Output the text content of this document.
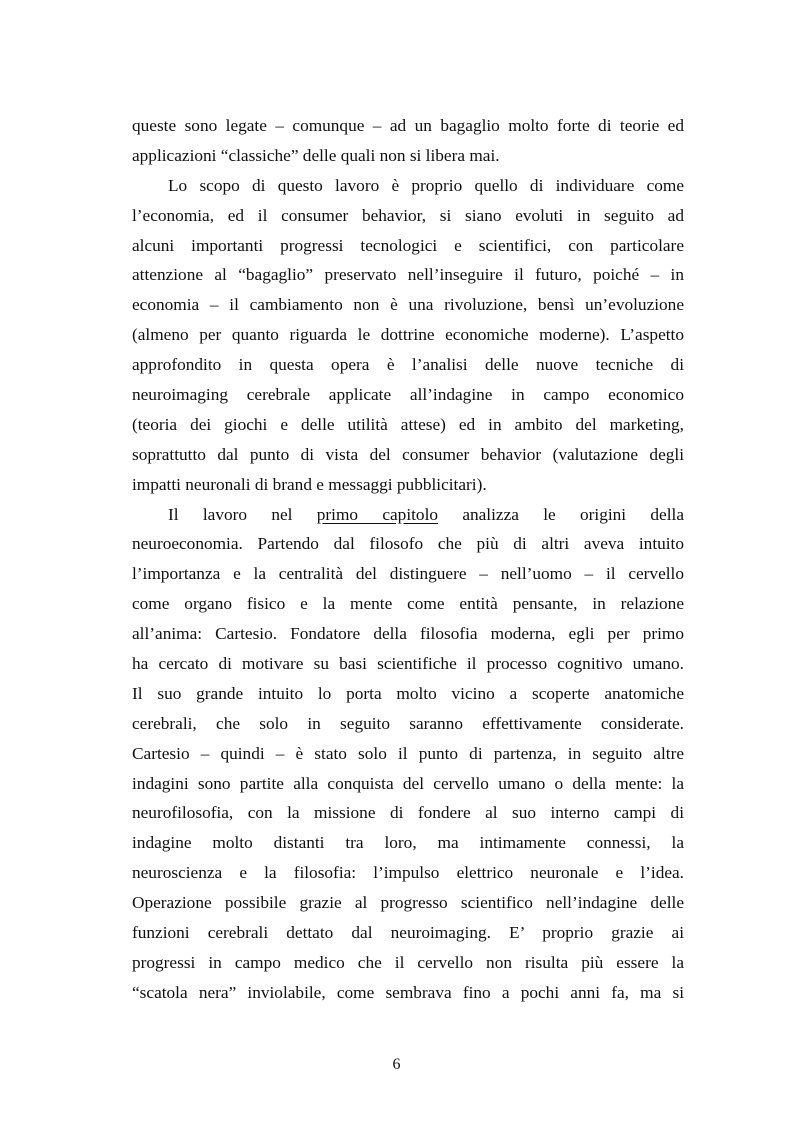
queste sono legate – comunque – ad un bagaglio molto forte di teorie ed
applicazioni “classiche” delle quali non si libera mai.
Lo scopo di questo lavoro è proprio quello di individuare come
l’economia, ed il consumer behavior, si siano evoluti in seguito ad
alcuni importanti progressi tecnologici e scientifici, con particolare
attenzione al “bagaglio” preservato nell’inseguire il futuro, poiché – in
economia – il cambiamento non è una rivoluzione, bensì un’evoluzione
(almeno per quanto riguarda le dottrine economiche moderne). L’aspetto
approfondito in questa opera è l’analisi delle nuove tecniche di
neuroimaging cerebrale applicate all’indagine in campo economico
(teoria dei giochi e delle utilità attese) ed in ambito del marketing,
soprattutto dal punto di vista del consumer behavior (valutazione degli
impatti neuronali di brand e messaggi pubblicitari).
Il lavoro nel primo capitolo analizza le origini della
neuroeconomia. Partendo dal filosofo che più di altri aveva intuito
l’importanza e la centralità del distinguere – nell’uomo – il cervello
come organo fisico e la mente come entità pensante, in relazione
all’anima: Cartesio. Fondatore della filosofia moderna, egli per primo
ha cercato di motivare su basi scientifiche il processo cognitivo umano.
Il suo grande intuito lo porta molto vicino a scoperte anatomiche
cerebrali, che solo in seguito saranno effettivamente considerate.
Cartesio – quindi – è stato solo il punto di partenza, in seguito altre
indagini sono partite alla conquista del cervello umano o della mente: la
neurofilosofia, con la missione di fondere al suo interno campi di
indagine molto distanti tra loro, ma intimamente connessi, la
neuroscienza e la filosofia: l’impulso elettrico neuronale e l’idea.
Operazione possibile grazie al progresso scientifico nell’indagine delle
funzioni cerebrali dettato dal neuroimaging. E’ proprio grazie ai
progressi in campo medico che il cervello non risulta più essere la
“scatola nera” inviolabile, come sembrava fino a pochi anni fa, ma si
6
